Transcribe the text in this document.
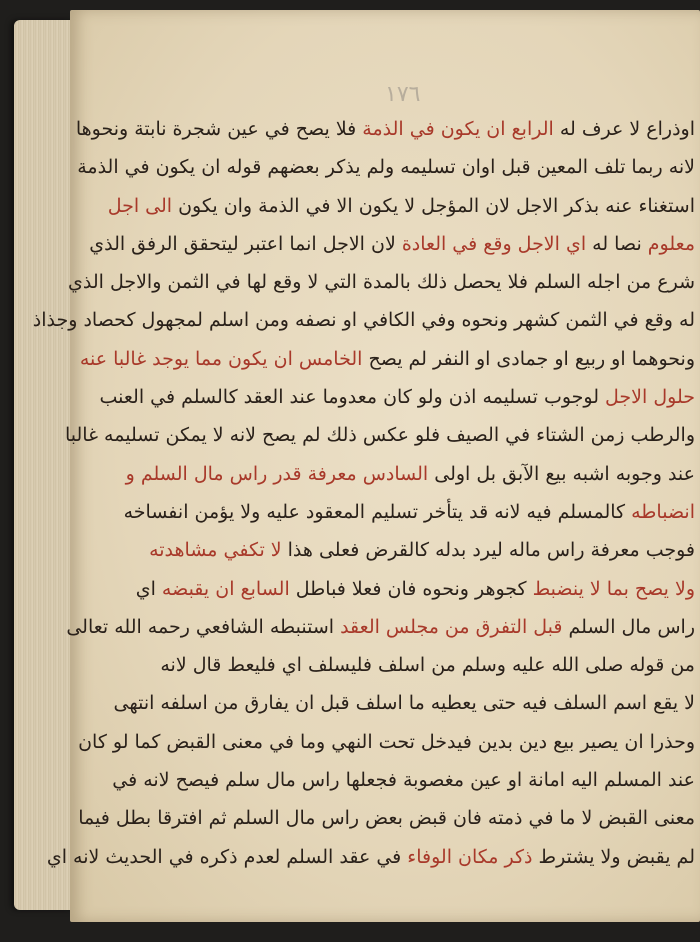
١٧٦
اوذراع لا عرف له الرابع ان يكون في الذمة فلا يصح في عين شجرة نابتة ونحوها
لانه ربما تلف المعين قبل اوان تسليمه ولم يذكر بعضهم قوله ان يكون في الذمة
استغناء عنه بذكر الاجل لان المؤجل لا يكون الا في الذمة وان يكون الى اجل
معلوم نصا له اي الاجل وقع في العادة لان الاجل انما اعتبر ليتحقق الرفق الذي
شرع من اجله السلم فلا يحصل ذلك بالمدة التي لا وقع لها في الثمن والاجل الذي
له وقع في الثمن كشهر ونحوه وفي الكافي او نصفه ومن اسلم لمجهول كحصاد وجذاذ
ونحوهما او ربيع او جمادى او النفر لم يصح الخامس ان يكون مما يوجد غالبا عنه
حلول الاجل لوجوب تسليمه اذن ولو كان معدوما عند العقد كالسلم في العنب
والرطب زمن الشتاء في الصيف فلو عكس ذلك لم يصح لانه لا يمكن تسليمه غالبا
عند وجوبه اشبه بيع الآبق بل اولى السادس معرفة قدر راس مال السلم و
انضباطه كالمسلم فيه لانه قد يتأخر تسليم المعقود عليه ولا يؤمن انفساخه
فوجب معرفة راس ماله ليرد بدله كالقرض فعلى هذا لا تكفي مشاهدته
ولا يصح بما لا ينضبط كجوهر ونحوه فان فعلا فباطل السابع ان يقبضه اي
راس مال السلم قبل التفرق من مجلس العقد استنبطه الشافعي رحمه الله تعالى
من قوله صلى الله عليه وسلم من اسلف فليسلف اي فليعط قال لانه
لا يقع اسم السلف فيه حتى يعطيه ما اسلف قبل ان يفارق من اسلفه انتهى
وحذرا ان يصير بيع دين بدين فيدخل تحت النهي وما في معنى القبض كما لو كان
عند المسلم اليه امانة او عين مغصوبة فجعلها راس مال سلم فيصح لانه في
معنى القبض لا ما في ذمته فان قبض بعض راس مال السلم ثم افترقا بطل فيما
لم يقبض ولا يشترط ذكر مكان الوفاء في عقد السلم لعدم ذكره في الحديث لانه اي
